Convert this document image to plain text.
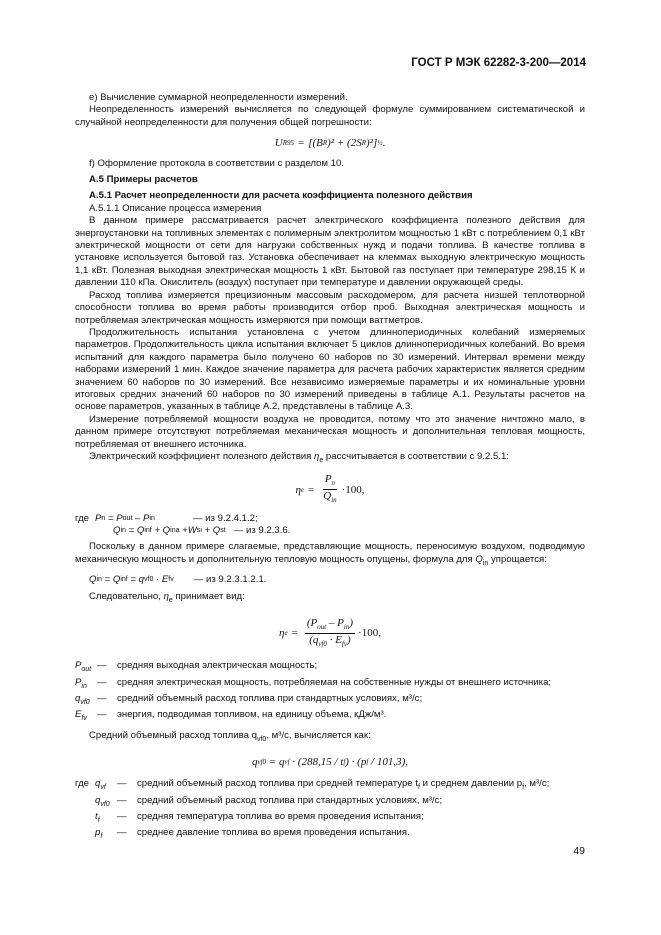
ГОСТ Р МЭК 62282-3-200—2014

е) Вычисление суммарной неопределенности измерений.

Неопределенность измерений вычисляется по следующей формуле суммированием систематической и случайной неопределенности для получения общей погрешности:

U R95 = [(B R )² + (2S R )²] ½ .

f) Оформление протокола в соответствии с разделом 10.

А.5 Примеры расчетов

А.5.1 Расчет неопределенности для расчета коэффициента полезного действия

А.5.1.1 Описание процесса измерения

В данном примере рассматривается расчет электрического коэффициента полезного действия для энергоустановки на топливных элементах с полимерным электролитом мощностью 1 кВт с потреблением 0,1 кВт электрической мощности от сети для нагрузки собственных нужд и подачи топлива. В качестве топлива в установке используется бытовой газ. Установка обеспечивает на клеммах выходную электрическую мощность 1,1 кВт. Полезная выходная электрическая мощность 1 кВт. Бытовой газ поступает при температуре 298,15 К и давлении 110 кПа. Окислитель (воздух) поступает при температуре и давлении окружающей среды.

Расход топлива измеряется прецизионным массовым расходомером, для расчета низшей теплотворной способности топлива во время работы производится отбор проб. Выходная электрическая мощность и потребляемая электрическая мощность измеряются при помощи ваттметров.

Продолжительность испытания установлена с учетом длиннопериодичных колебаний измеряемых параметров. Продолжительность цикла испытания включает 5 циклов длиннопериодичных колебаний. Во время испытаний для каждого параметра было получено 60 наборов по 30 измерений. Интервал времени между наборами измерений 1 мин. Каждое значение параметра для расчета рабочих характеристик является средним значением 60 наборов по 30 измерений. Все независимо измеряемые параметры и их номинальные уровни итоговых средних значений 60 наборов по 30 измерений приведены в таблице А.1. Результаты расчетов на основе параметров, указанных в таблице А.2, представлены в таблице А.3.

Измерение потребляемой мощности воздуха не проводится, потому что это значение ничтожно мало, в данном примере отсутствуют потребляемая механическая мощность и дополнительная тепловая мощность, потребляемая от внешнего источника.

Электрический коэффициент полезного действия $\eta_e$ рассчитывается в соответствии с 9.2.5.1:

η $e = \frac{P_n}{Q_{in}} \cdot 100$,
где P n = P out – P in	— из 9.2.4.1.2;
Q in = Q inf + Q ina +W si + Q st — из 9.2.3.6.

Поскольку в данном примере слагаемые, представляющие мощность, переносимую воздухом, подводимую механическую мощность и дополнительную тепловую мощность опущены, формула для $Q_{in}$ упрощается:

Q in = Q inf = q vf0 · E fv — из 9.2.3.1.2.1.

Следовательно, $\eta_e$ принимает вид:

η $e = \frac{(P_{out} - P_{in})}{(q_{vf0} \cdot E_{fv})} \cdot 100$,
$P_{out}$ —	средняя выходная электрическая мощность;
$P_{in}$	—	средняя электрическая мощность, потребляемая на собственные нужды от внешнего источника;
$q_{vf0}$ —	средний объемный расход топлива при стандартных условиях, м³/с;
$E_{fv}$	—	энергия, подводимая топливом, на единицу объема, кДж/м³.

Средний объемный расход топлива $q_{vf0}$, м³/с, вычисляется как:

q vf0 = q vf · (288,15 / t f ) · (p f / 101,3),
где $q_{vf}$	—	средний объемный расход топлива при средней температуре $t_f$ и среднем давлении $p_f$, м³/с;
$q_{vf0}$ —	средний объемный расход топлива при стандартных условиях, м³/с;
$t_f$	—	средняя температура топлива во время проведения испытания;
$p_f$	—	среднее давление топлива во время проведения испытания.
49
